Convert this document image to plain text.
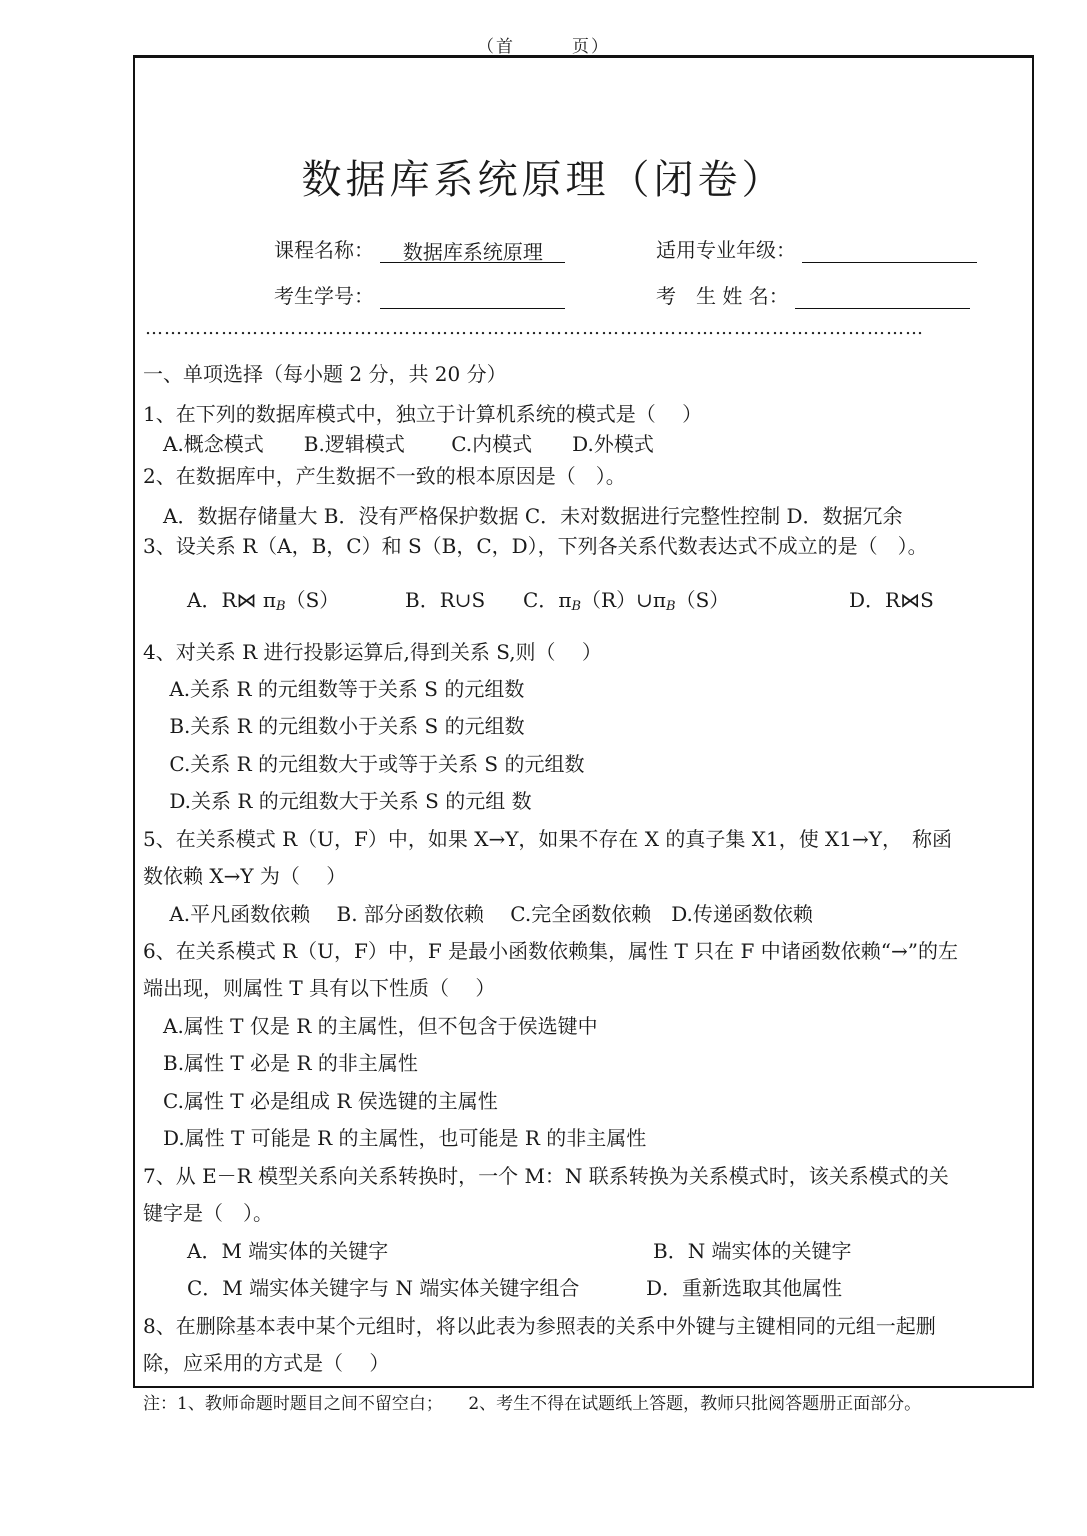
（首　　　页）
数据库系统原理（闭卷）
课程名称： 数据库系统原理	适用专业年级：
考生学号：	考　生 姓 名：
……………………………………………………………………………………………………………
一、单项选择（每小题 2 分，共 20 分）
1、在下列的数据库模式中，独立于计算机系统的模式是（　 ）
　A.概念模式　　B.逻辑模式　　 C.内模式　　D.外模式
2、在数据库中，产生数据不一致的根本原因是（　）。
　A．数据存储量大 B．没有严格保护数据 C．未对数据进行完整性控制 D．数据冗余
3、设关系 R（A，B，C）和 S（B，C，D），下列各关系代数表达式不成立的是（　）。
A．R⋈ $\pi_B(S)$	B．R∪S C．$\pi_B(R)\cup\pi_B(S)$	D．R⋈S
4、对关系 R 进行投影运算后,得到关系 S,则（　 ）
　 A.关系 R 的元组数等于关系 S 的元组数
　 B.关系 R 的元组数小于关系 S 的元组数
　 C.关系 R 的元组数大于或等于关系 S 的元组数
　 D.关系 R 的元组数大于关系 S 的元组 数
5、在关系模式 R（U，F）中，如果 X→Y，如果不存在 X 的真子集 X1，使 X1→Y，　称函
数依赖 X→Y 为（　 ）
　 A.平凡函数依赖　 B. 部分函数依赖　 C.完全函数依赖　D.传递函数依赖
6、在关系模式 R（U，F）中，F 是最小函数依赖集，属性 T 只在 F 中诸函数依赖“→”的左
端出现，则属性 T 具有以下性质（　 ）
　A.属性 T 仅是 R 的主属性，但不包含于侯选键中
　B.属性 T 必是 R 的非主属性
　C.属性 T 必是组成 R 侯选键的主属性
　D.属性 T 可能是 R 的主属性，也可能是 R 的非主属性
7、从 E－R 模型关系向关系转换时，一个 M：N 联系转换为关系模式时，该关系模式的关
键字是（　）。
A．M 端实体的关键字	B．N 端实体的关键字
C．M 端实体关键字与 N 端实体关键字组合	D．重新选取其他属性
8、在删除基本表中某个元组时，将以此表为参照表的关系中外键与主键相同的元组一起删
除，应采用的方式是（　 ）
注：1、教师命题时题目之间不留空白；　　2、考生不得在试题纸上答题，教师只批阅答题册正面部分。
